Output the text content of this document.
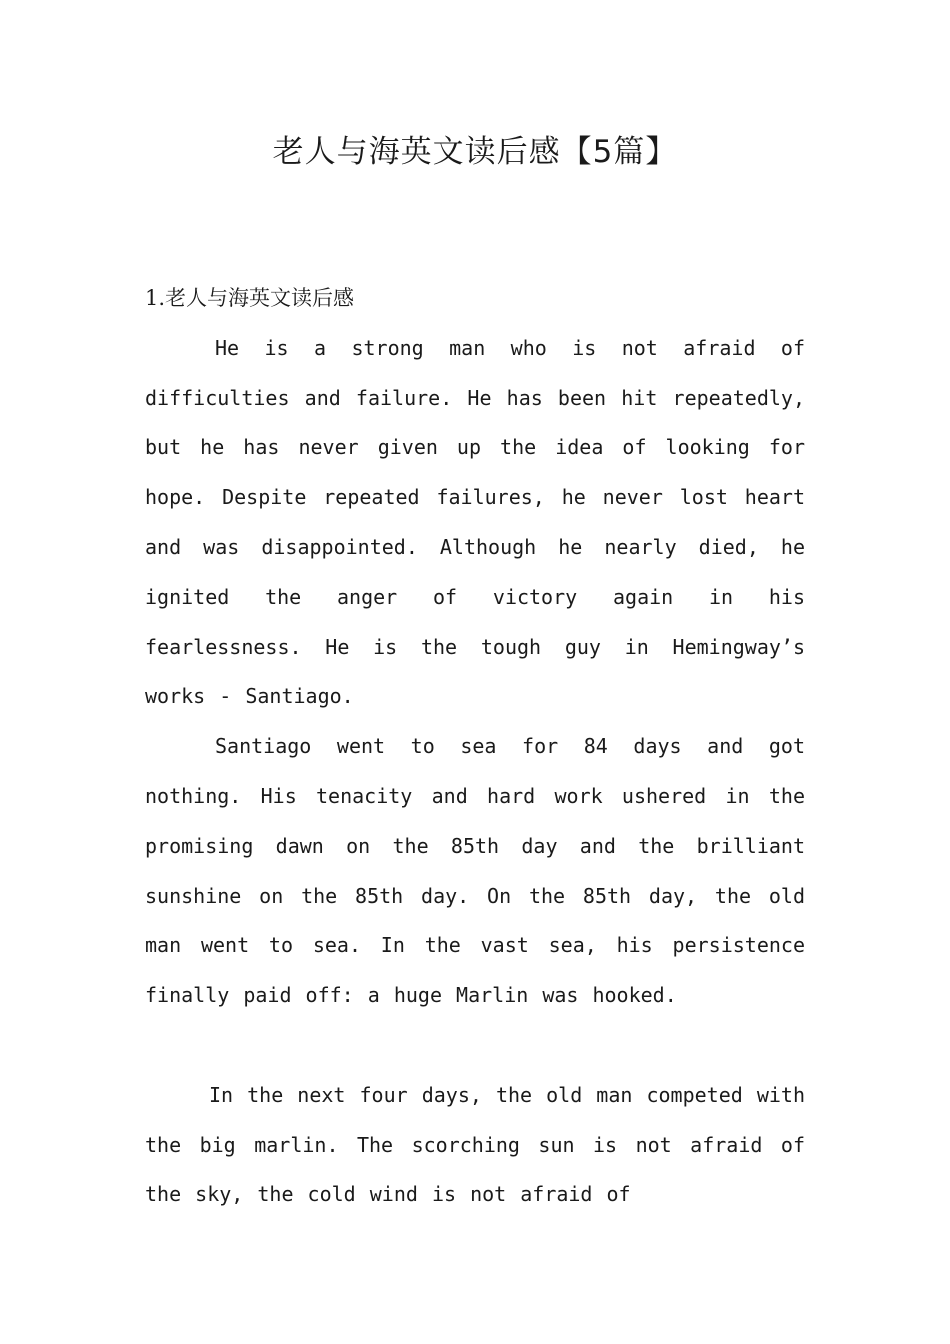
老人与海英文读后感【5篇】
1.老人与海英文读后感

He is a strong man who is not afraid of difficulties and failure. He has been hit repeatedly, but he has never given up the idea of looking for hope. Despite repeated failures, he never lost heart and was disappointed. Although he nearly died, he ignited the anger of victory again in his fearlessness. He is the tough guy in Hemingway’s works - Santiago.

Santiago went to sea for 84 days and got nothing. His tenacity and hard work ushered in the promising dawn on the 85th day and the brilliant sunshine on the 85th day. On the 85th day, the old man went to sea. In the vast sea, his persistence finally paid off: a huge Marlin was hooked.

In the next four days, the old man competed with the big marlin. The scorching sun is not afraid of the sky, the cold wind is not afraid of
